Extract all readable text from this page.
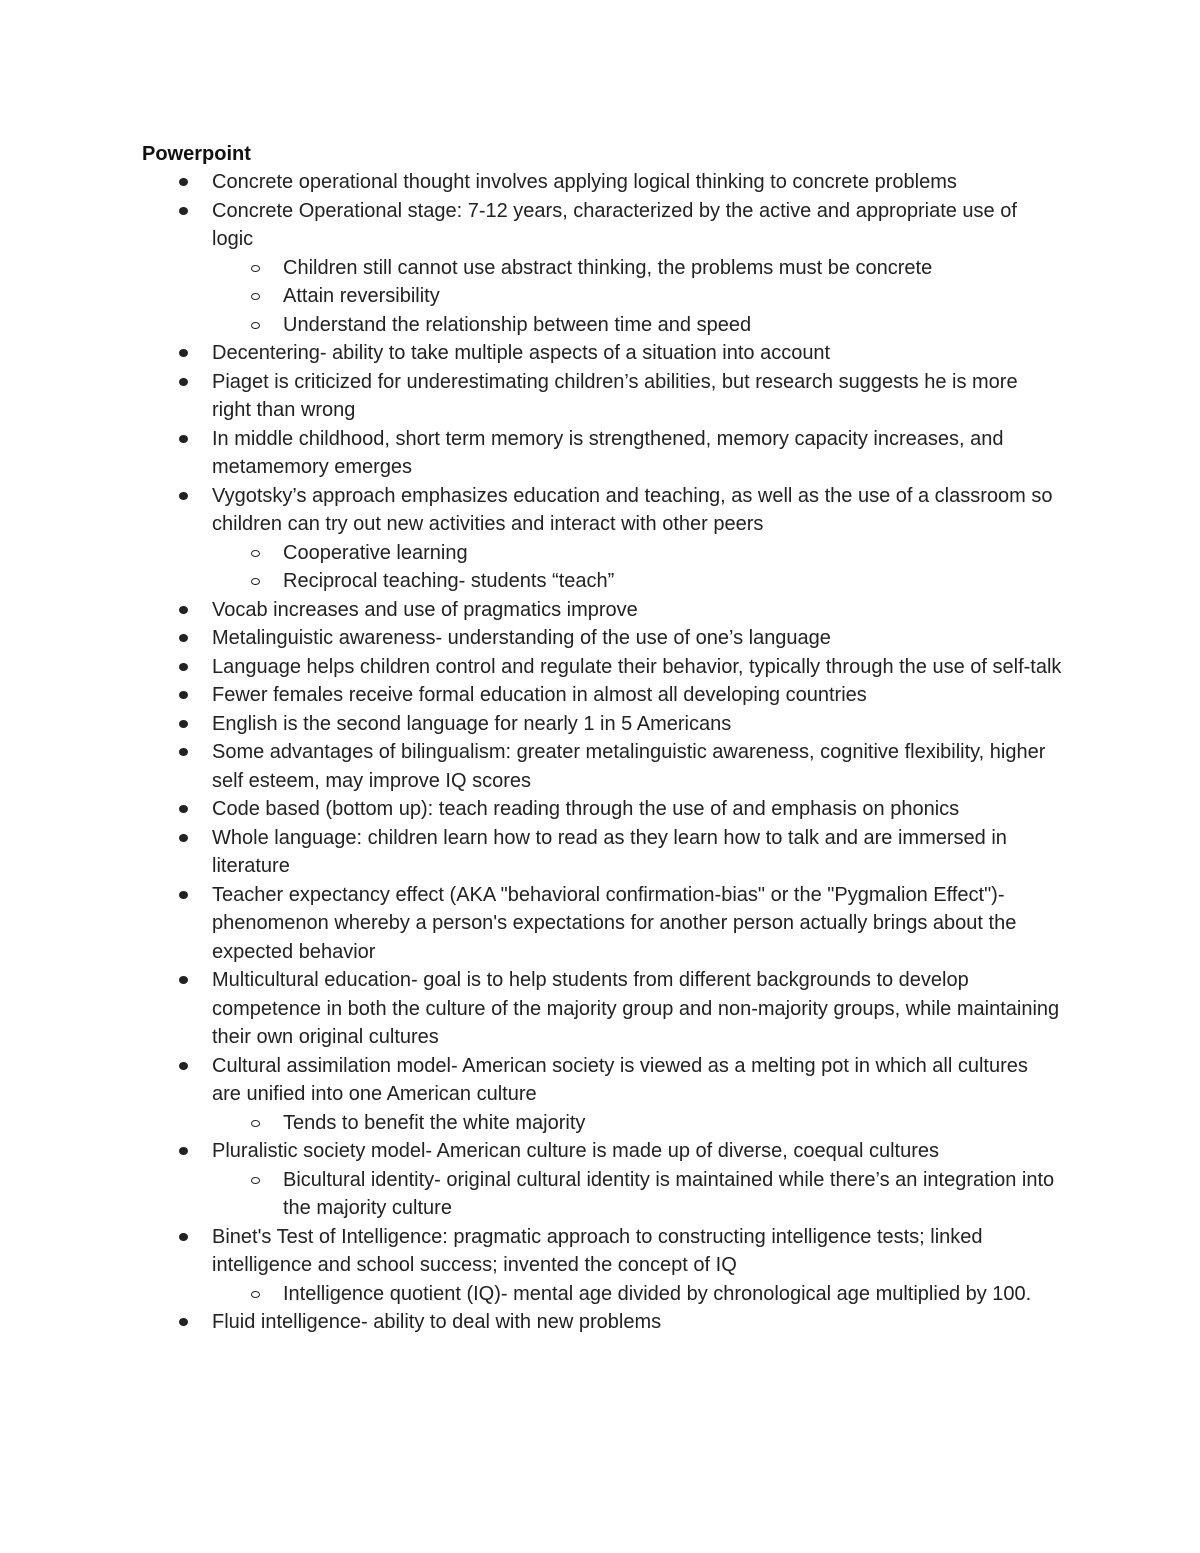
Powerpoint

Concrete operational thought involves applying logical thinking to concrete problems
Concrete Operational stage: 7-12 years, characterized by the active and appropriate use of logic
Children still cannot use abstract thinking, the problems must be concrete
Attain reversibility
Understand the relationship between time and speed
Decentering- ability to take multiple aspects of a situation into account
Piaget is criticized for underestimating children’s abilities, but research suggests he is more right than wrong
In middle childhood, short term memory is strengthened, memory capacity increases, and metamemory emerges
Vygotsky’s approach emphasizes education and teaching, as well as the use of a classroom so children can try out new activities and interact with other peers
Cooperative learning
Reciprocal teaching- students “teach”
Vocab increases and use of pragmatics improve
Metalinguistic awareness- understanding of the use of one’s language
Language helps children control and regulate their behavior, typically through the use of self-talk
Fewer females receive formal education in almost all developing countries
English is the second language for nearly 1 in 5 Americans
Some advantages of bilingualism: greater metalinguistic awareness, cognitive flexibility, higher self esteem, may improve IQ scores
Code based (bottom up): teach reading through the use of and emphasis on phonics
Whole language: children learn how to read as they learn how to talk and are immersed in literature
Teacher expectancy effect (AKA "behavioral confirmation-bias" or the "Pygmalion Effect")- phenomenon whereby a person's expectations for another person actually brings about the expected behavior
Multicultural education- goal is to help students from different backgrounds to develop competence in both the culture of the majority group and non-majority groups, while maintaining their own original cultures
Cultural assimilation model- American society is viewed as a melting pot in which all cultures are unified into one American culture
Tends to benefit the white majority
Pluralistic society model- American culture is made up of diverse, coequal cultures
Bicultural identity- original cultural identity is maintained while there’s an integration into the majority culture
Binet's Test of Intelligence: pragmatic approach to constructing intelligence tests; linked intelligence and school success; invented the concept of IQ
Intelligence quotient (IQ)- mental age divided by chronological age multiplied by 100.
Fluid intelligence- ability to deal with new problems
